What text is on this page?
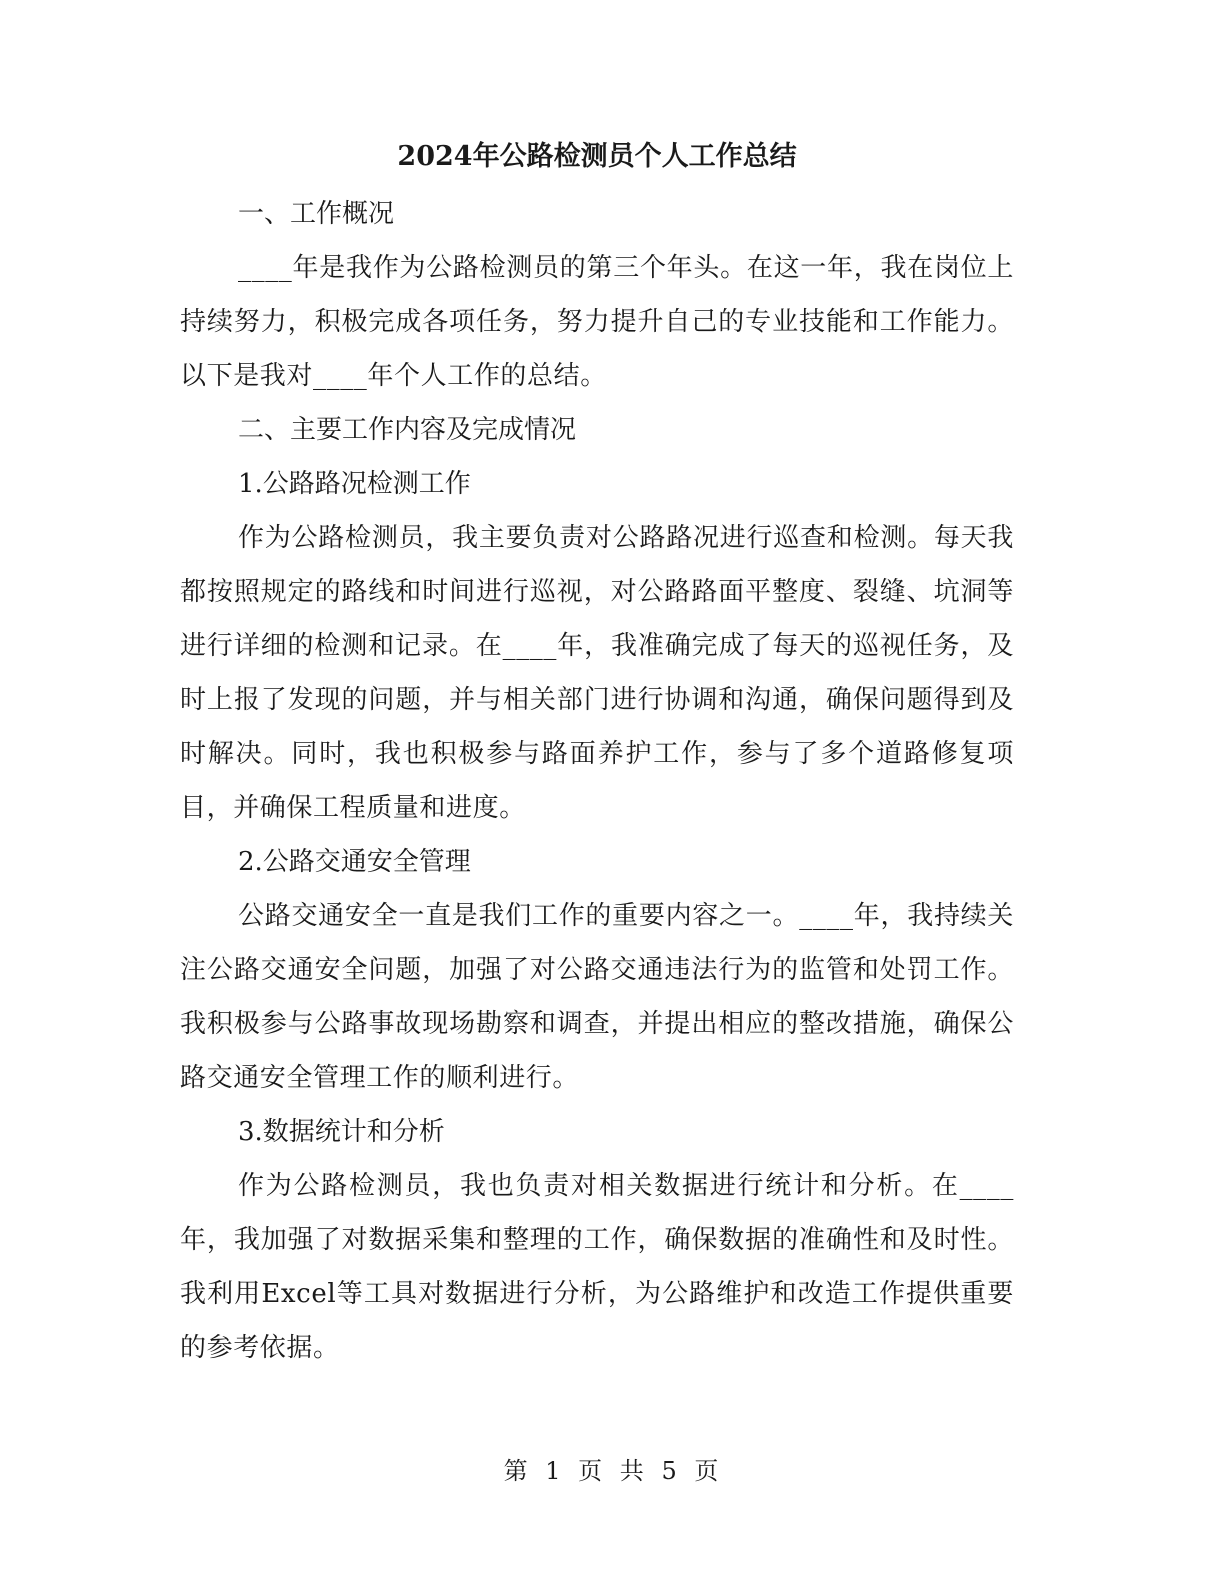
2024年公路检测员个人工作总结

一、工作概况

____年是我作为公路检测员的第三个年头。在这一年，我在岗位上持续努力，积极完成各项任务，努力提升自己的专业技能和工作能力。以下是我对____年个人工作的总结。

二、主要工作内容及完成情况

1.公路路况检测工作

作为公路检测员，我主要负责对公路路况进行巡查和检测。每天我都按照规定的路线和时间进行巡视，对公路路面平整度、裂缝、坑洞等进行详细的检测和记录。在____年，我准确完成了每天的巡视任务，及时上报了发现的问题，并与相关部门进行协调和沟通，确保问题得到及时解决。同时，我也积极参与路面养护工作，参与了多个道路修复项目，并确保工程质量和进度。

2.公路交通安全管理

公路交通安全一直是我们工作的重要内容之一。____年，我持续关注公路交通安全问题，加强了对公路交通违法行为的监管和处罚工作。我积极参与公路事故现场勘察和调查，并提出相应的整改措施，确保公路交通安全管理工作的顺利进行。

3.数据统计和分析

作为公路检测员，我也负责对相关数据进行统计和分析。在____年，我加强了对数据采集和整理的工作，确保数据的准确性和及时性。我利用Excel等工具对数据进行分析，为公路维护和改造工作提供重要的参考依据。

第 1 页 共 5 页
